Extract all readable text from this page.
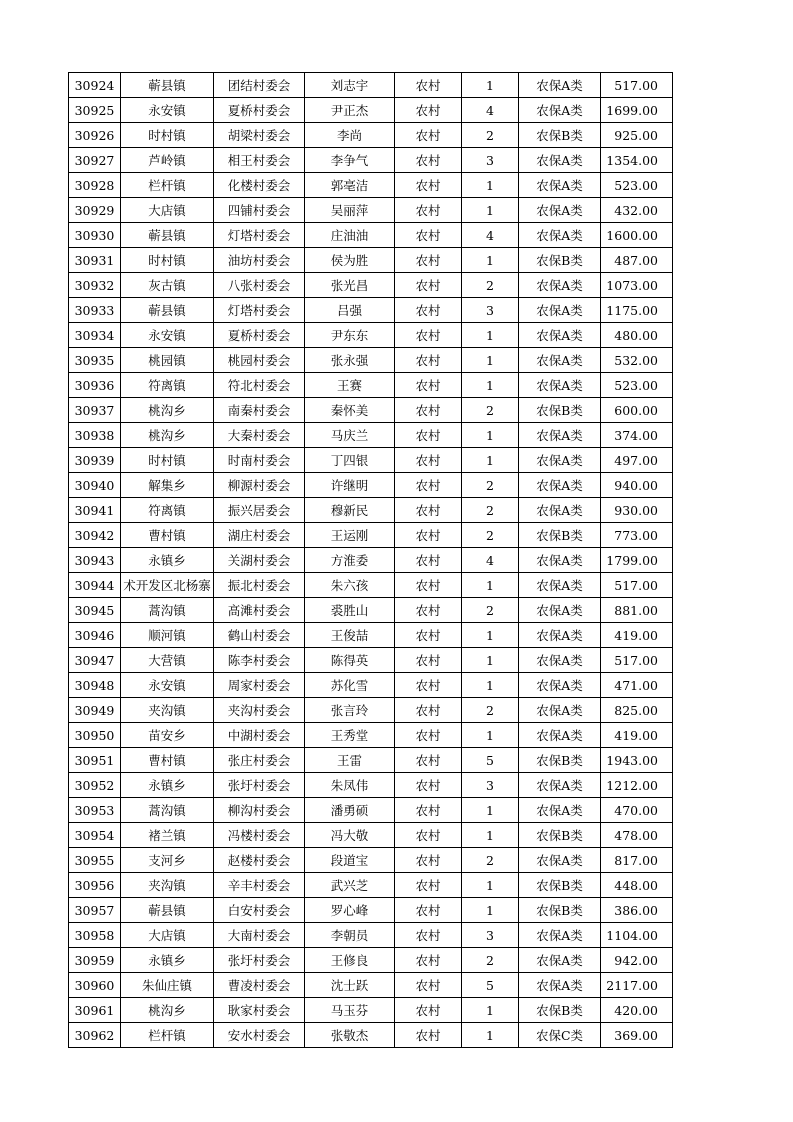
30924	蕲县镇	团结村委会	刘志宇	农村	1	农保A类	517.00
30925	永安镇	夏桥村委会	尹正杰	农村	4	农保A类	1699.00
30926	时村镇	胡梁村委会	李尚	农村	2	农保B类	925.00
30927	芦岭镇	相王村委会	李争气	农村	3	农保A类	1354.00
30928	栏杆镇	化楼村委会	郭亳洁	农村	1	农保A类	523.00
30929	大店镇	四铺村委会	吴丽萍	农村	1	农保A类	432.00
30930	蕲县镇	灯塔村委会	庄油油	农村	4	农保A类	1600.00
30931	时村镇	油坊村委会	侯为胜	农村	1	农保B类	487.00
30932	灰古镇	八张村委会	张光昌	农村	2	农保A类	1073.00
30933	蕲县镇	灯塔村委会	吕强	农村	3	农保A类	1175.00
30934	永安镇	夏桥村委会	尹东东	农村	1	农保A类	480.00
30935	桃园镇	桃园村委会	张永强	农村	1	农保A类	532.00
30936	符离镇	符北村委会	王赛	农村	1	农保A类	523.00
30937	桃沟乡	南秦村委会	秦怀美	农村	2	农保B类	600.00
30938	桃沟乡	大秦村委会	马庆兰	农村	1	农保A类	374.00
30939	时村镇	时南村委会	丁四银	农村	1	农保A类	497.00
30940	解集乡	柳源村委会	许继明	农村	2	农保A类	940.00
30941	符离镇	振兴居委会	穆新民	农村	2	农保A类	930.00
30942	曹村镇	湖庄村委会	王运刚	农村	2	农保B类	773.00
30943	永镇乡	关湖村委会	方淮委	农村	4	农保A类	1799.00
30944	术开发区北杨寨	振北村委会	朱六孩	农村	1	农保A类	517.00
30945	蒿沟镇	高滩村委会	裘胜山	农村	2	农保A类	881.00
30946	顺河镇	鹤山村委会	王俊喆	农村	1	农保A类	419.00
30947	大营镇	陈李村委会	陈得英	农村	1	农保A类	517.00
30948	永安镇	周家村委会	苏化雪	农村	1	农保A类	471.00
30949	夹沟镇	夹沟村委会	张言玲	农村	2	农保A类	825.00
30950	苗安乡	中湖村委会	王秀堂	农村	1	农保A类	419.00
30951	曹村镇	张庄村委会	王雷	农村	5	农保B类	1943.00
30952	永镇乡	张圩村委会	朱凤伟	农村	3	农保A类	1212.00
30953	蒿沟镇	柳沟村委会	潘勇硕	农村	1	农保A类	470.00
30954	褚兰镇	冯楼村委会	冯大敬	农村	1	农保B类	478.00
30955	支河乡	赵楼村委会	段道宝	农村	2	农保A类	817.00
30956	夹沟镇	辛丰村委会	武兴芝	农村	1	农保B类	448.00
30957	蕲县镇	白安村委会	罗心峰	农村	1	农保B类	386.00
30958	大店镇	大南村委会	李朝员	农村	3	农保A类	1104.00
30959	永镇乡	张圩村委会	王修良	农村	2	农保A类	942.00
30960	朱仙庄镇	曹凌村委会	沈士跃	农村	5	农保A类	2117.00
30961	桃沟乡	耿家村委会	马玉芬	农村	1	农保B类	420.00
30962	栏杆镇	安水村委会	张敬杰	农村	1	农保C类	369.00
